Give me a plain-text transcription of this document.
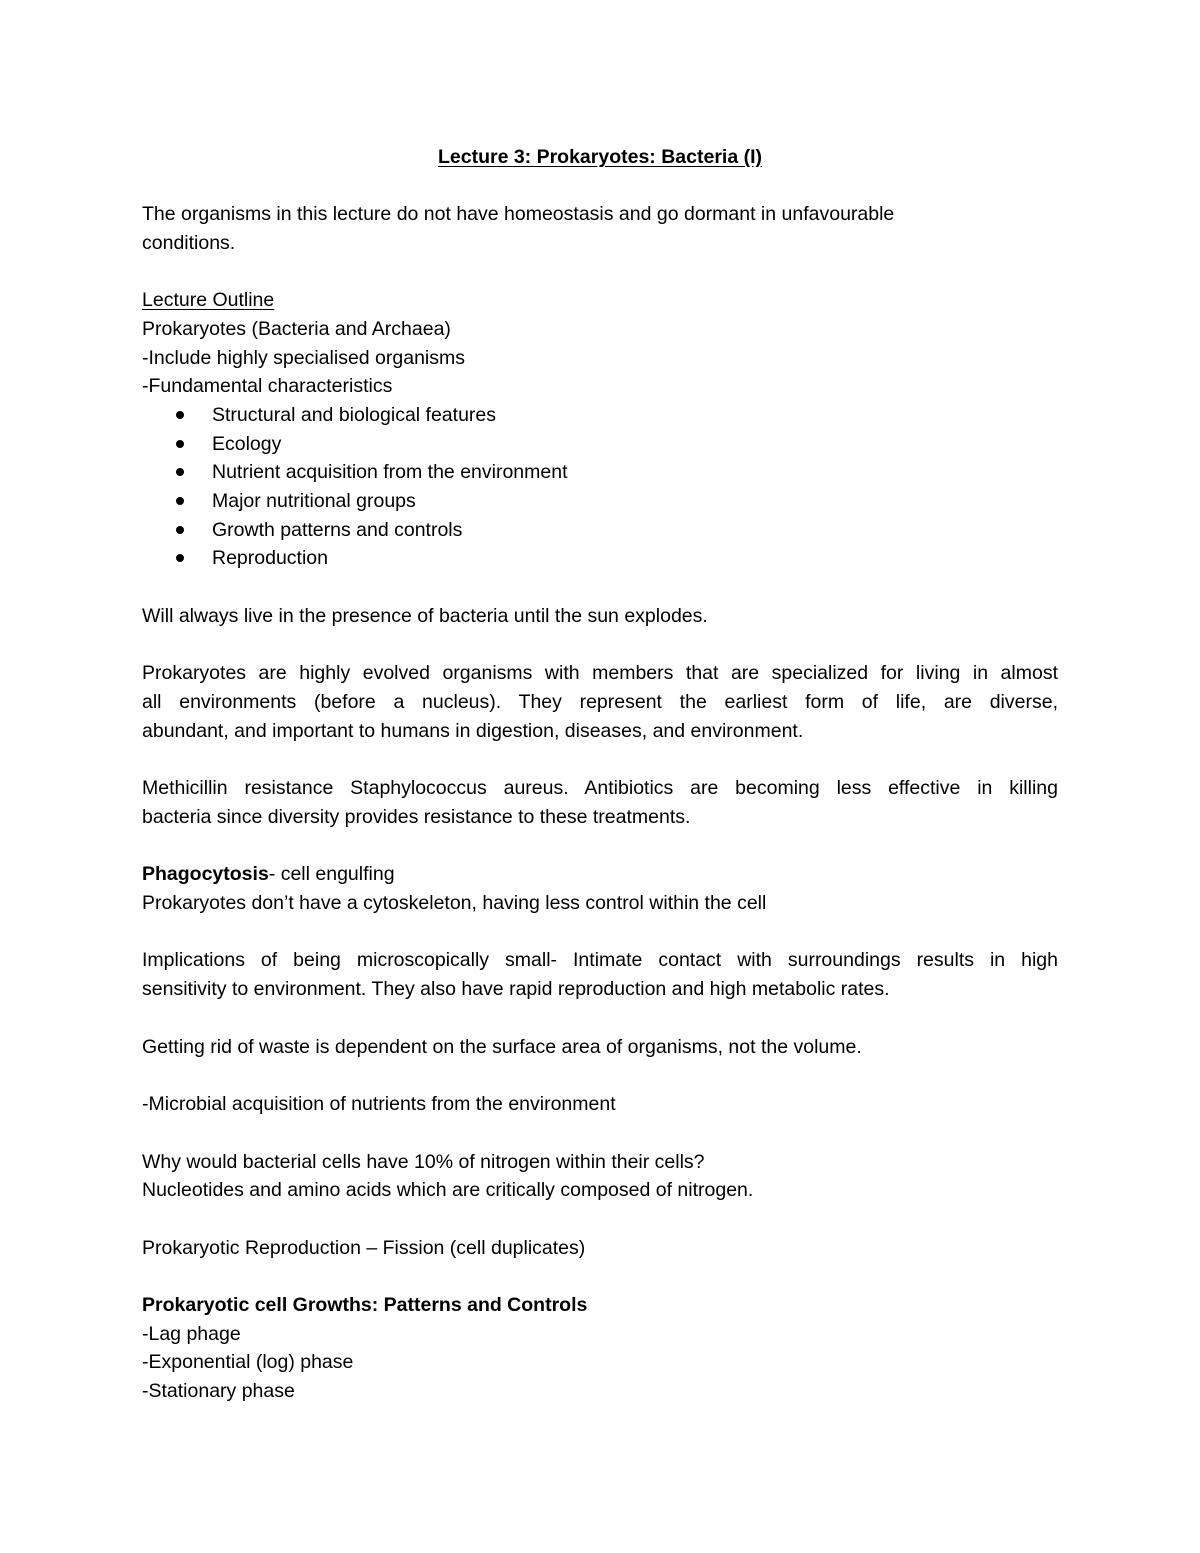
Lecture 3: Prokaryotes: Bacteria (I)
The organisms in this lecture do not have homeostasis and go dormant in unfavourable
conditions.
Lecture Outline
Prokaryotes (Bacteria and Archaea)
-Include highly specialised organisms
-Fundamental characteristics
Structural and biological features
Ecology
Nutrient acquisition from the environment
Major nutritional groups
Growth patterns and controls
Reproduction
Will always live in the presence of bacteria until the sun explodes.
Prokaryotes are highly evolved organisms with members that are specialized for living in almost
all environments (before a nucleus). They represent the earliest form of life, are diverse,
abundant, and important to humans in digestion, diseases, and environment.
Methicillin resistance Staphylococcus aureus. Antibiotics are becoming less effective in killing
bacteria since diversity provides resistance to these treatments.
Phagocytosis- cell engulfing
Prokaryotes don’t have a cytoskeleton, having less control within the cell
Implications of being microscopically small- Intimate contact with surroundings results in high
sensitivity to environment. They also have rapid reproduction and high metabolic rates.
Getting rid of waste is dependent on the surface area of organisms, not the volume.
-Microbial acquisition of nutrients from the environment
Why would bacterial cells have 10% of nitrogen within their cells?
Nucleotides and amino acids which are critically composed of nitrogen.
Prokaryotic Reproduction – Fission (cell duplicates)
Prokaryotic cell Growths: Patterns and Controls
-Lag phage
-Exponential (log) phase
-Stationary phase
